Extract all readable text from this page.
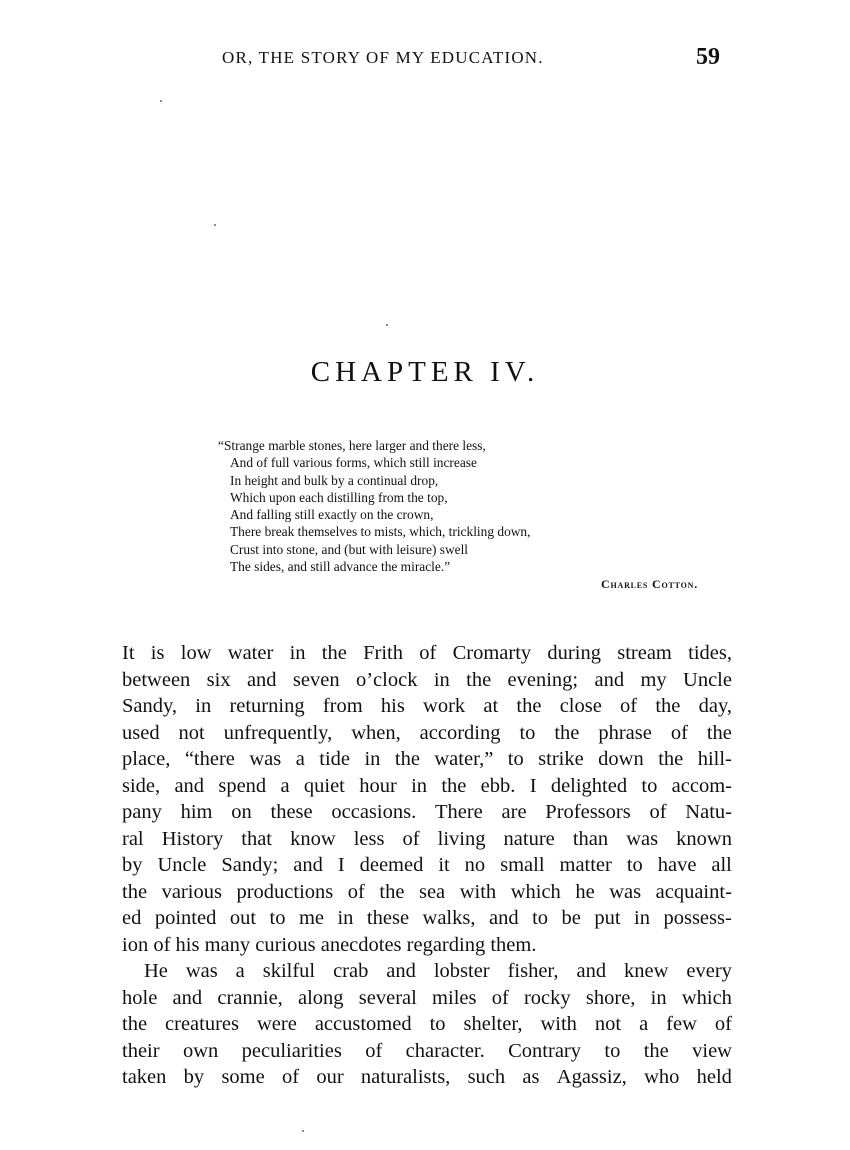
OR, THE STORY OF MY EDUCATION.	59
CHAPTER IV.
“Strange marble stones, here larger and there less,
And of full various forms, which still increase
In height and bulk by a continual drop,
Which upon each distilling from the top,
And falling still exactly on the crown,
There break themselves to mists, which, trickling down,
Crust into stone, and (but with leisure) swell
The sides, and still advance the miracle.”
Charles Cotton.
It is low water in the Frith of Cromarty during stream tides,
between six and seven o’clock in the evening; and my Uncle
Sandy, in returning from his work at the close of the day,
used not unfrequently, when, according to the phrase of the
place, “there was a tide in the water,” to strike down the hill-
side, and spend a quiet hour in the ebb. I delighted to accom-
pany him on these occasions. There are Professors of Natu-
ral History that know less of living nature than was known
by Uncle Sandy; and I deemed it no small matter to have all
the various productions of the sea with which he was acquaint-
ed pointed out to me in these walks, and to be put in possess-
ion of his many curious anecdotes regarding them.
He was a skilful crab and lobster fisher, and knew every
hole and crannie, along several miles of rocky shore, in which
the creatures were accustomed to shelter, with not a few of
their own peculiarities of character. Contrary to the view
taken by some of our naturalists, such as Agassiz, who held
